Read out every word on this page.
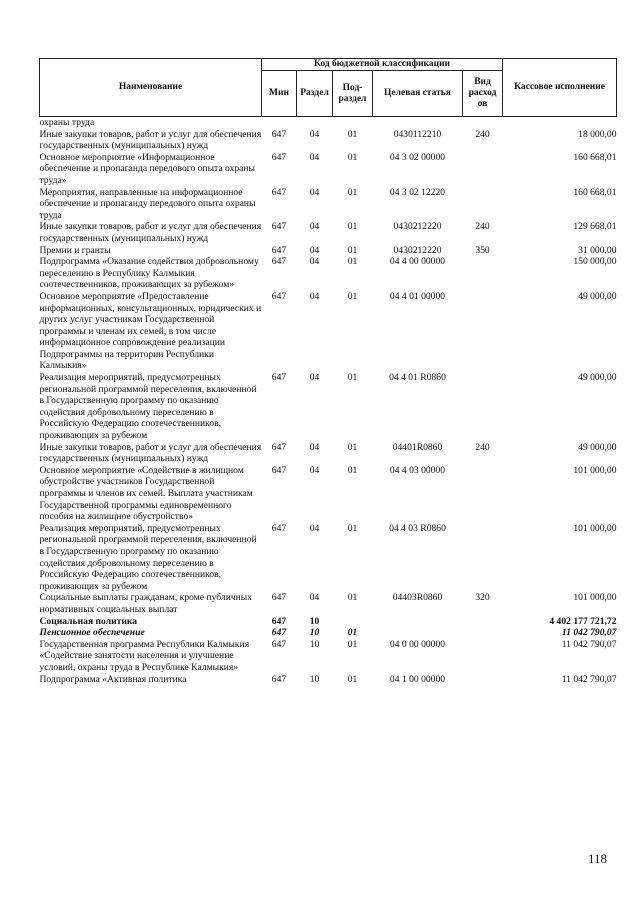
Наименование	Код бюджетной классификации					Кассовое исполнение
	Мин	Раздел	Под-раздел	Целевая статья	Вид расход ов	
охраны труда						
Иные закупки товаров, работ и услуг для обеспечения государственных (муниципальных) нужд	647	04	01	0430112210	240	18 000,00
Основное мероприятие «Информационное обеспечение и пропаганда передового опыта охраны труда»	647	04	01	04 3 02 00000		160 668,01
Мероприятия, направленные на информационное обеспечение и пропаганду передового опыта охраны труда	647	04	01	04 3 02 12220		160 668,01
Иные закупки товаров, работ и услуг для обеспечения государственных (муниципальных) нужд	647	04	01	0430212220	240	129 668,01
Премии и гранты	647	04	01	0430212220	350	31 000,00
Подпрограмма «Оказание содействия добровольному переселению в Республику Калмыкия соотечественников, проживающих за рубежом»	647	04	01	04 4 00 00000		150 000,00
Основное мероприятие «Предоставление информационных, консультационных, юридических и других услуг участникам Государственной программы и членам их семей, в том числе информационное сопровождение реализации Подпрограммы на территории Республики Калмыкия»	647	04	01	04 4 01 00000		49 000,00
Реализация мероприятий, предусмотренных региональной программой переселения, включенной в Государственную программу по оказанию содействия добровольному переселению в Российскую Федерацию соотечественников, проживающих за рубежом	647	04	01	04 4 01 R0860		49 000,00
Иные закупки товаров, работ и услуг для обеспечения государственных (муниципальных) нужд	647	04	01	04401R0860	240	49 000,00
Основное мероприятие «Содействие в жилищном обустройстве участников Государственной программы и членов их семей. Выплата участникам Государственной программы единовременного пособия на жилищное обустройство»	647	04	01	04 4 03 00000		101 000,00
Реализация мероприятий, предусмотренных региональной программой переселения, включенной в Государственную программу по оказанию содействия добровольному переселению в Российскую Федерацию соотечественников, проживающих за рубежом	647	04	01	04 4 03 R0860		101 000,00
Социальные выплаты гражданам, кроме публичных нормативных социальных выплат	647	04	01	04403R0860	320	101 000,00
Социальная политика	647	10				4 402 177 721,72
Пенсионное обеспечение	647	10	01			11 042 790,07
Государственная программа Республики Калмыкия «Содействие занятости населения и улучшение условий, охраны труда в Республике Калмыкия»	647	10	01	04 0 00 00000		11 042 790,07
Подпрограмма «Активная политика	647	10	01	04 1 00 00000		11 042 790,07
118
